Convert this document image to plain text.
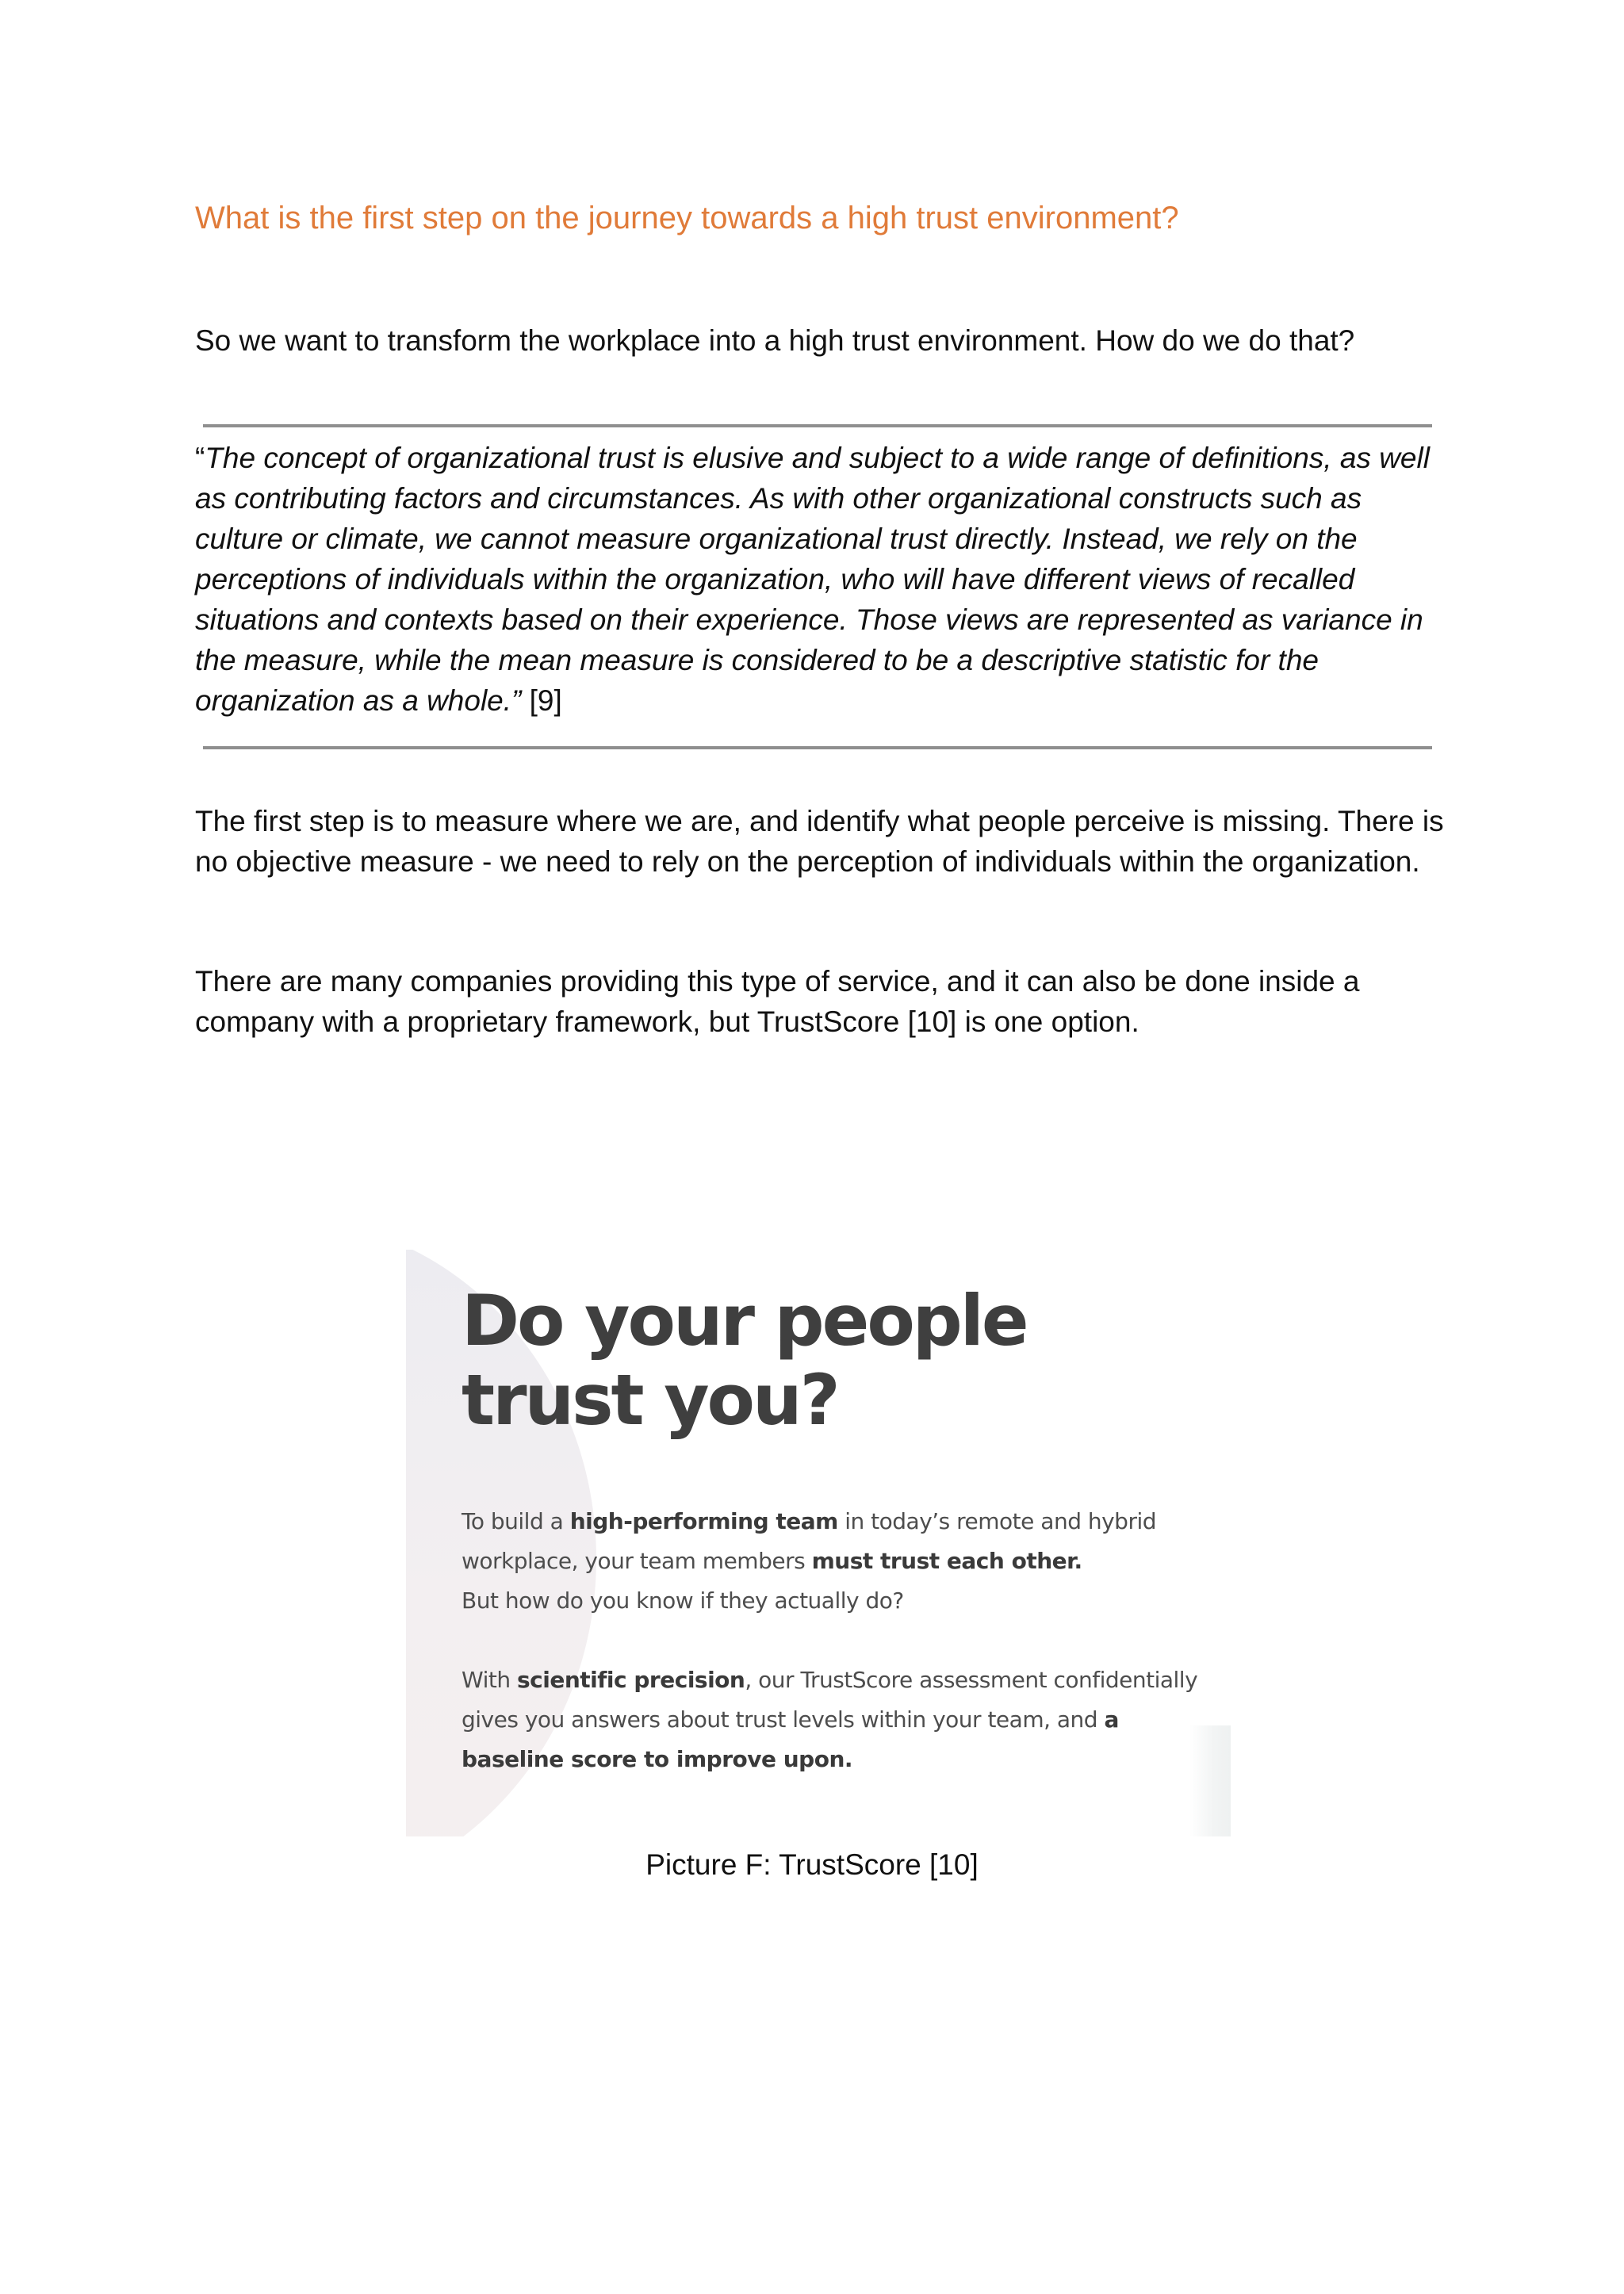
What is the first step on the journey towards a high trust environment?

So we want to transform the workplace into a high trust environment. How do we do that?

“The concept of organizational trust is elusive and subject to a wide range of definitions, as well as contributing factors and circumstances. As with other organizational constructs such as culture or climate, we cannot measure organizational trust directly. Instead, we rely on the perceptions of individuals within the organization, who will have different views of recalled situations and contexts based on their experience. Those views are represented as variance in the measure, while the mean measure is considered to be a descriptive statistic for the organization as a whole.” [9]

The first step is to measure where we are, and identify what people perceive is missing. There is no objective measure - we need to rely on the perception of individuals within the organization.

There are many companies providing this type of service, and it can also be done inside a company with a proprietary framework, but TrustScore [10] is one option.

Do your people
trust you?

To build a high-performing team in today’s remote and hybrid workplace, your team members must trust each other.
But how do you know if they actually do?

With scientific precision, our TrustScore assessment confidentially gives you answers about trust levels within your team, and a baseline score to improve upon.

Picture F: TrustScore [10]
